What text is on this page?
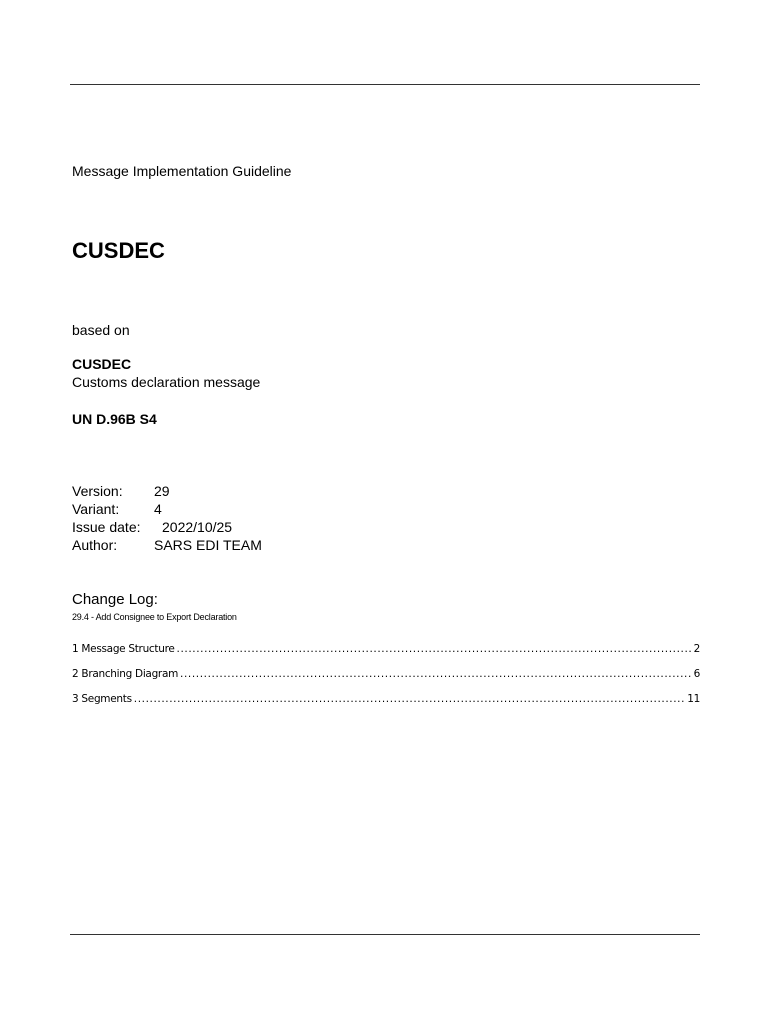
Message Implementation Guideline
CUSDEC
based on
CUSDEC
Customs declaration message
UN D.96B S4
Version:	29
Variant:	4
Issue date:	2022/10/25
Author:	SARS EDI TEAM
Change Log:
29.4 - Add Consignee to Export Declaration
1 Message Structure .....	2
2 Branching Diagram .....	6
3 Segments .....	11
